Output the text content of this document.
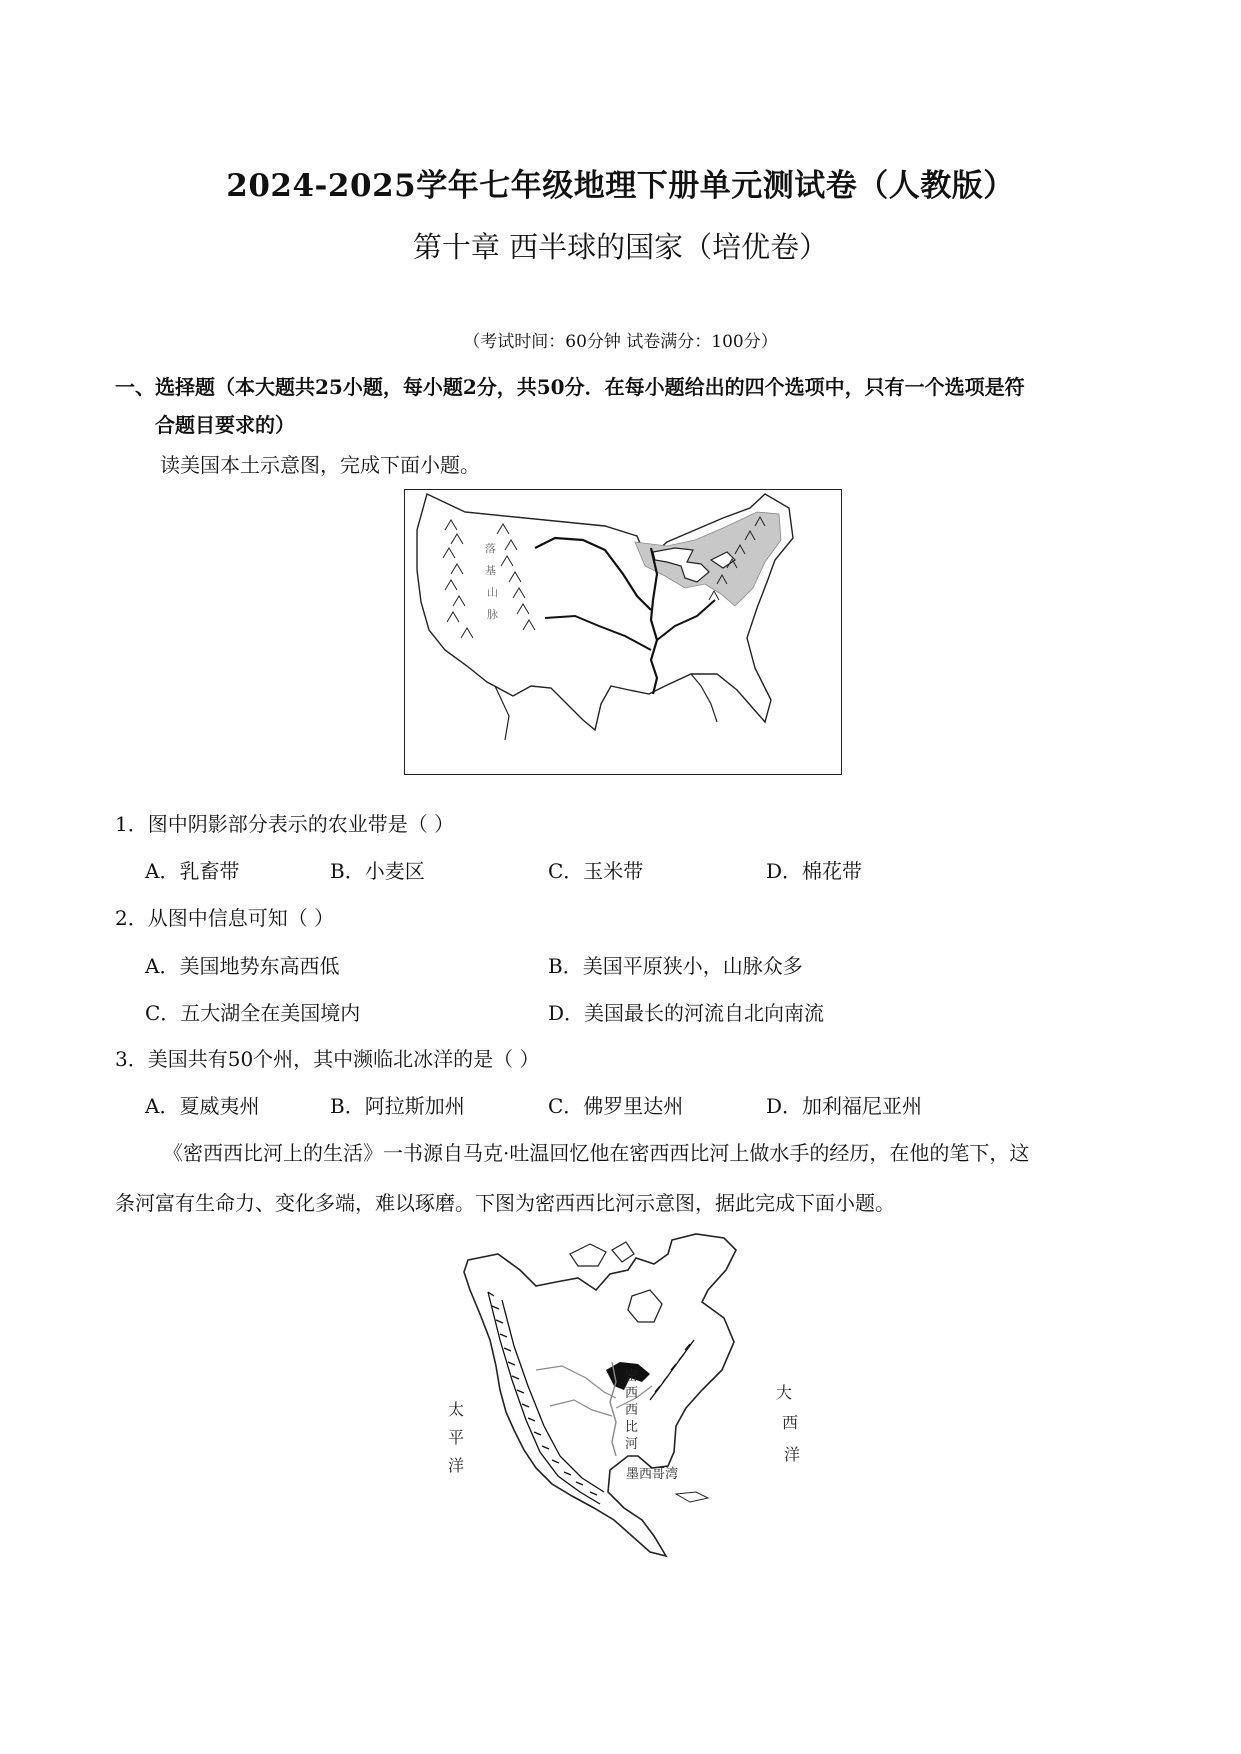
2024-2025学年七年级地理下册单元测试卷（人教版）
第十章 西半球的国家（培优卷）
（考试时间：60分钟 试卷满分：100分）
一、选择题（本大题共25小题，每小题2分，共50分．在每小题给出的四个选项中，只有一个选项是符
合题目要求的）
读美国本土示意图，完成下面小题。
落
基
山
脉
1．图中阴影部分表示的农业带是（ ）
A．乳畜带	B．小麦区	C．玉米带	D．棉花带
2．从图中信息可知（ ）
A．美国地势东高西低	B．美国平原狭小，山脉众多
C．五大湖全在美国境内	D．美国最长的河流自北向南流
3．美国共有50个州，其中濒临北冰洋的是（ ）
A．夏威夷州	B．阿拉斯加州	C．佛罗里达州	D．加利福尼亚州
《密西西比河上的生活》一书源自马克·吐温回忆他在密西西比河上做水手的经历，在他的笔下，这
条河富有生命力、变化多端，难以琢磨。下图为密西西比河示意图，据此完成下面小题。
太
平
洋
大
西
洋
密
西
西
比
河
墨西哥湾
